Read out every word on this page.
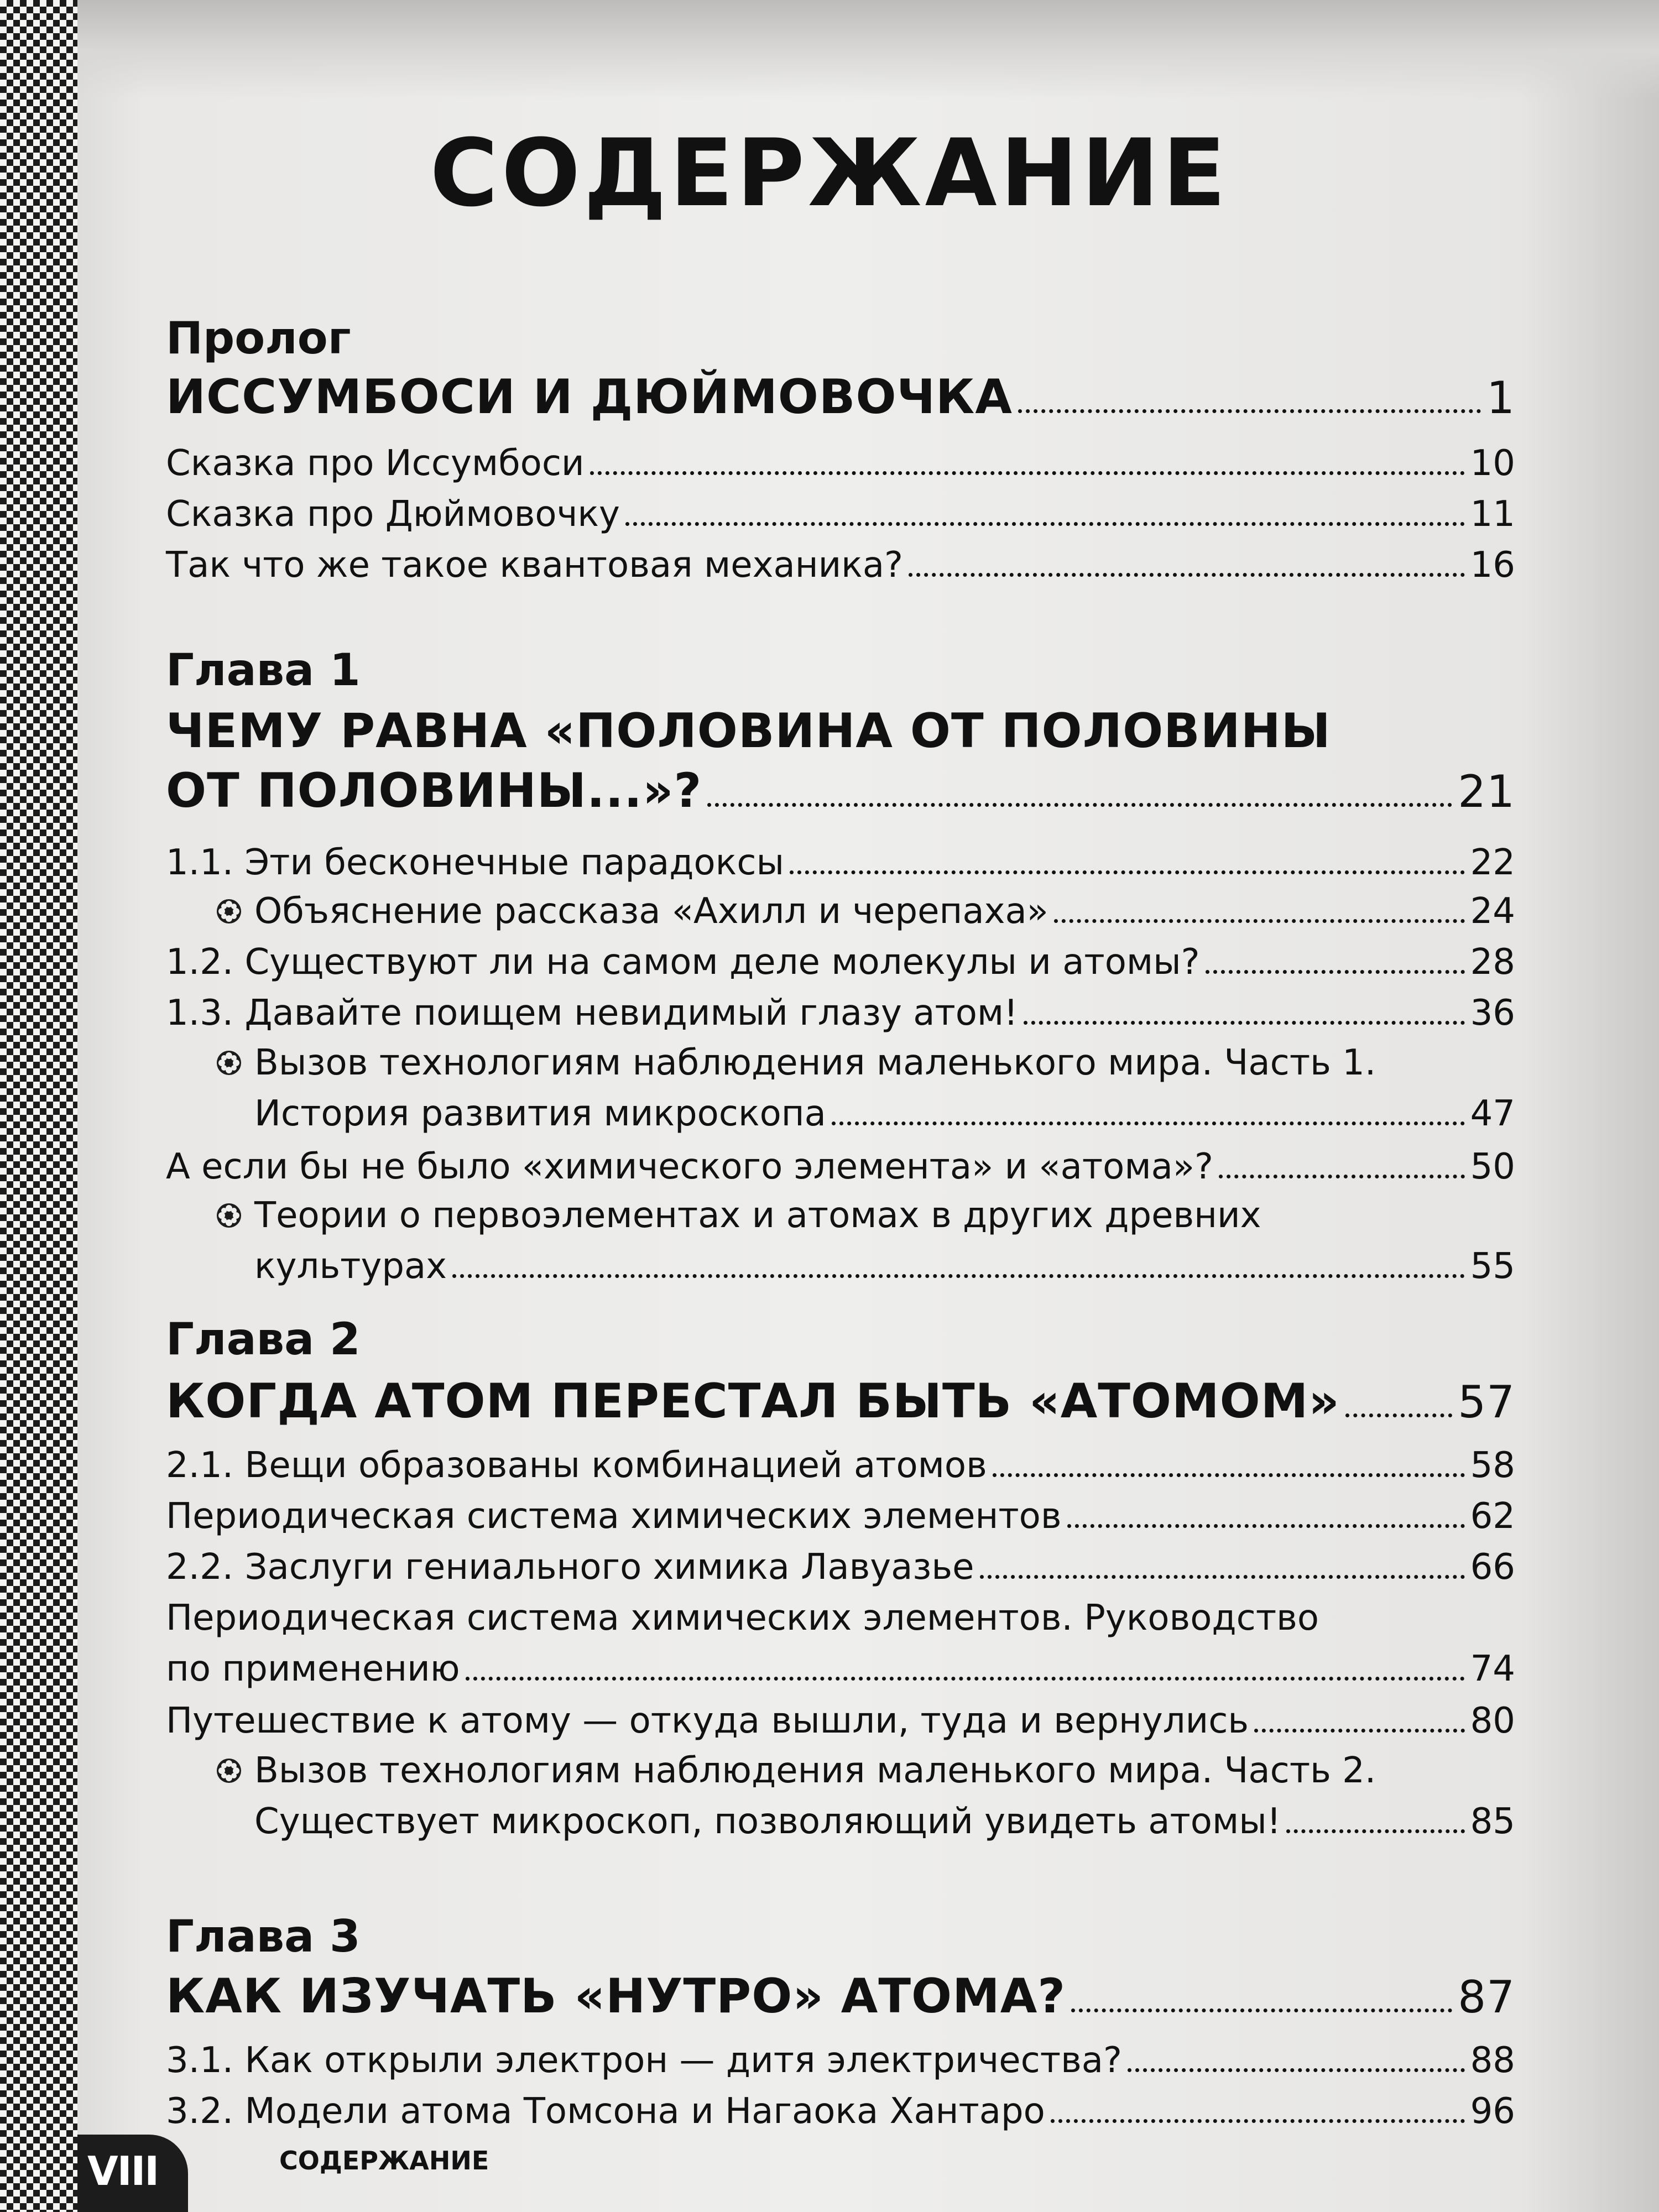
СОДЕРЖАНИЕ
Пролог
ИССУМБОСИ И ДЮЙМОВОЧКА	1
Сказка про Иссумбоси	10
Сказка про Дюймовочку	11
Так что же такое квантовая механика?	16
Глава 1
ЧЕМУ РАВНА «ПОЛОВИНА ОТ ПОЛОВИНЫ
ОТ ПОЛОВИНЫ...»?	21
1.1. Эти бесконечные парадоксы	22
Объяснение рассказа «Ахилл и черепаха»	24
1.2. Существуют ли на самом деле молекулы и атомы?	28
1.3. Давайте поищем невидимый глазу атом!	36
Вызов технологиям наблюдения маленького мира. Часть 1.
История развития микроскопа	47
А если бы не было «химического элемента» и «атома»?	50
Теории о первоэлементах и атомах в других древних
культурах	55
Глава 2
КОГДА АТОМ ПЕРЕСТАЛ БЫТЬ «АТОМОМ»	57
2.1. Вещи образованы комбинацией атомов	58
Периодическая система химических элементов	62
2.2. Заслуги гениального химика Лавуазье	66
Периодическая система химических элементов. Руководство
по применению	74
Путешествие к атому — откуда вышли, туда и вернулись	80
Вызов технологиям наблюдения маленького мира. Часть 2.
Существует микроскоп, позволяющий увидеть атомы!	85
Глава 3
КАК ИЗУЧАТЬ «НУТРО» АТОМА?	87
3.1. Как открыли электрон — дитя электричества?	88
3.2. Модели атома Томсона и Нагаока Хантаро	96
VIII	СОДЕРЖАНИЕ
